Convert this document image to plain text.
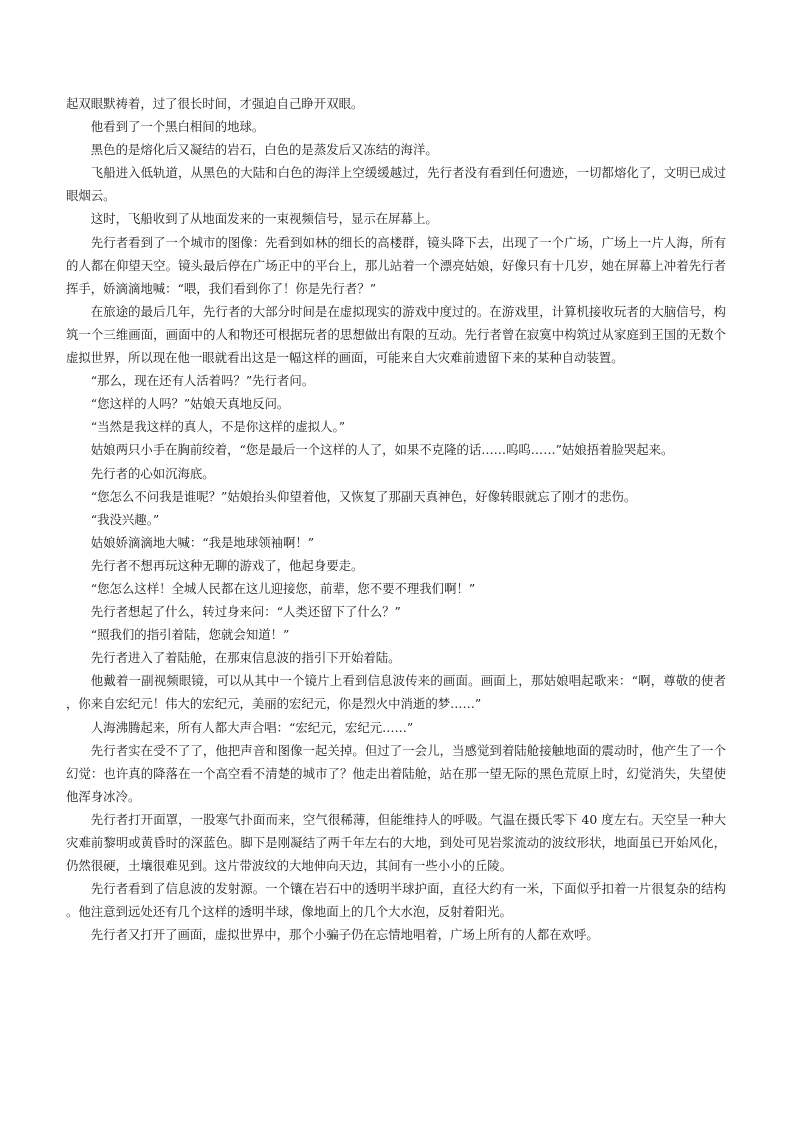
起双眼默祷着，过了很长时间，才强迫自己睁开双眼。

他看到了一个黑白相间的地球。

黑色的是熔化后又凝结的岩石，白色的是蒸发后又冻结的海洋。

飞船进入低轨道，从黑色的大陆和白色的海洋上空缓缓越过，先行者没有看到任何遗迹，一切都熔化了，文明已成过眼烟云。

这时，飞船收到了从地面发来的一束视频信号，显示在屏幕上。

先行者看到了一个城市的图像：先看到如林的细长的高楼群，镜头降下去，出现了一个广场，广场上一片人海，所有的人都在仰望天空。镜头最后停在广场正中的平台上，那儿站着一个漂亮姑娘，好像只有十几岁，她在屏幕上冲着先行者挥手，娇滴滴地喊：“喂，我们看到你了！你是先行者？”

在旅途的最后几年，先行者的大部分时间是在虚拟现实的游戏中度过的。在游戏里，计算机接收玩者的大脑信号，构筑一个三维画面，画面中的人和物还可根据玩者的思想做出有限的互动。先行者曾在寂寞中构筑过从家庭到王国的无数个虚拟世界，所以现在他一眼就看出这是一幅这样的画面，可能来自大灾难前遗留下来的某种自动装置。

“那么，现在还有人活着吗？”先行者问。

“您这样的人吗？”姑娘天真地反问。

“当然是我这样的真人，不是你这样的虚拟人。”

姑娘两只小手在胸前绞着，“您是最后一个这样的人了，如果不克隆的话……呜呜……”姑娘捂着脸哭起来。

先行者的心如沉海底。

“您怎么不问我是谁呢？”姑娘抬头仰望着他，又恢复了那副天真神色，好像转眼就忘了刚才的悲伤。

“我没兴趣。”

姑娘娇滴滴地大喊：“我是地球领袖啊！”

先行者不想再玩这种无聊的游戏了，他起身要走。

“您怎么这样！全城人民都在这儿迎接您，前辈，您不要不理我们啊！”

先行者想起了什么，转过身来问：“人类还留下了什么？”

“照我们的指引着陆，您就会知道！”

先行者进入了着陆舱，在那束信息波的指引下开始着陆。

他戴着一副视频眼镜，可以从其中一个镜片上看到信息波传来的画面。画面上，那姑娘唱起歌来：“啊，尊敬的使者，你来自宏纪元！伟大的宏纪元，美丽的宏纪元，你是烈火中消逝的梦……”

人海沸腾起来，所有人都大声合唱：“宏纪元，宏纪元……”

先行者实在受不了了，他把声音和图像一起关掉。但过了一会儿，当感觉到着陆舱接触地面的震动时，他产生了一个幻觉：也许真的降落在一个高空看不清楚的城市了？他走出着陆舱，站在那一望无际的黑色荒原上时，幻觉消失，失望使他浑身冰冷。

先行者打开面罩，一股寒气扑面而来，空气很稀薄，但能维持人的呼吸。气温在摄氏零下 40 度左右。天空呈一种大灾难前黎明或黄昏时的深蓝色。脚下是刚凝结了两千年左右的大地，到处可见岩浆流动的波纹形状，地面虽已开始风化，仍然很硬，土壤很难见到。这片带波纹的大地伸向天边，其间有一些小小的丘陵。

先行者看到了信息波的发射源。一个镶在岩石中的透明半球护面，直径大约有一米，下面似乎扣着一片很复杂的结构。他注意到远处还有几个这样的透明半球，像地面上的几个大水泡，反射着阳光。

先行者又打开了画面，虚拟世界中，那个小骗子仍在忘情地唱着，广场上所有的人都在欢呼。
